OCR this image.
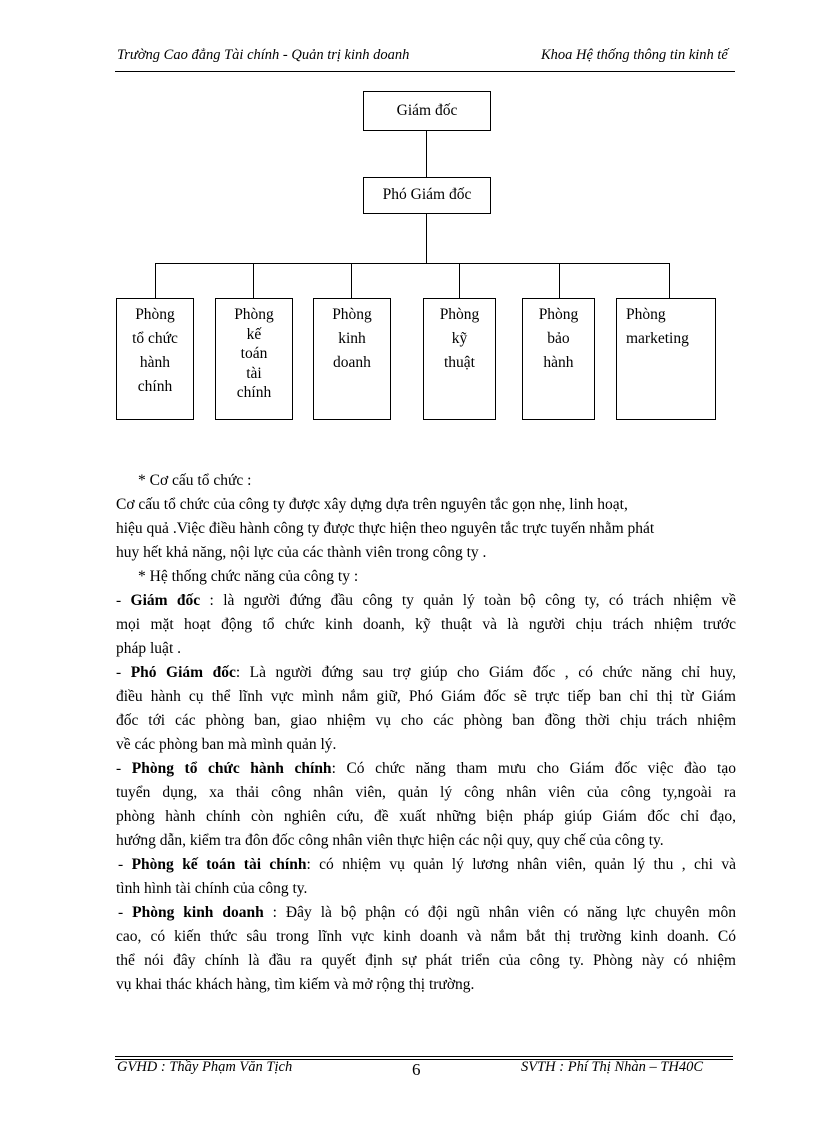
Trường Cao đẳng Tài chính - Quản trị kinh doanh	Khoa Hệ thống thông tin kinh tế
Giám đốc
Phó Giám đốc
Phòng
tổ chức
hành
chính
Phòng
kế
toán
tài
chính
Phòng
kinh
doanh
Phòng
kỹ
thuật
Phòng
bảo
hành
Phòng
marketing
* Cơ cấu tổ chức :
Cơ cấu tổ chức của công ty được xây dựng dựa trên nguyên tắc gọn nhẹ, linh hoạt,
hiệu quả .Việc điều hành công ty được thực hiện theo nguyên tắc trực tuyến nhằm phát
huy hết khả năng, nội lực của các thành viên trong công ty .
* Hệ thống chức năng của công ty :
- Giám đốc : là người đứng đầu công ty quản lý toàn bộ công ty, có trách nhiệm về
mọi mặt hoạt động tổ chức kinh doanh, kỹ thuật và là người chịu trách nhiệm trước
pháp luật .
- Phó Giám đốc: Là người đứng sau trợ giúp cho Giám đốc , có chức năng chỉ huy,
điều hành cụ thể lĩnh vực mình nắm giữ, Phó Giám đốc sẽ trực tiếp ban chỉ thị từ Giám
đốc tới các phòng ban, giao nhiệm vụ cho các phòng ban đồng thời chịu trách nhiệm
về các phòng ban mà mình quản lý.
- Phòng tổ chức hành chính: Có chức năng tham mưu cho Giám đốc việc đào tạo
tuyển dụng, xa thải công nhân viên, quản lý công nhân viên của công ty,ngoài ra
phòng hành chính còn nghiên cứu, đề xuất những biện pháp giúp Giám đốc chỉ đạo,
hướng dẫn, kiểm tra đôn đốc công nhân viên thực hiện các nội quy, quy chế của công ty.
- Phòng kế toán tài chính: có nhiệm vụ quản lý lương nhân viên, quản lý thu , chi và
tình hình tài chính của công ty.
- Phòng kinh doanh : Đây là bộ phận có đội ngũ nhân viên có năng lực chuyên môn
cao, có kiến thức sâu trong lĩnh vực kinh doanh và nắm bắt thị trường kinh doanh. Có
thể nói đây chính là đầu ra quyết định sự phát triển của công ty. Phòng này có nhiệm
vụ khai thác khách hàng, tìm kiếm và mở rộng thị trường.
GVHD : Thầy Phạm Văn Tịch	6	SVTH : Phí Thị Nhàn – TH40C
